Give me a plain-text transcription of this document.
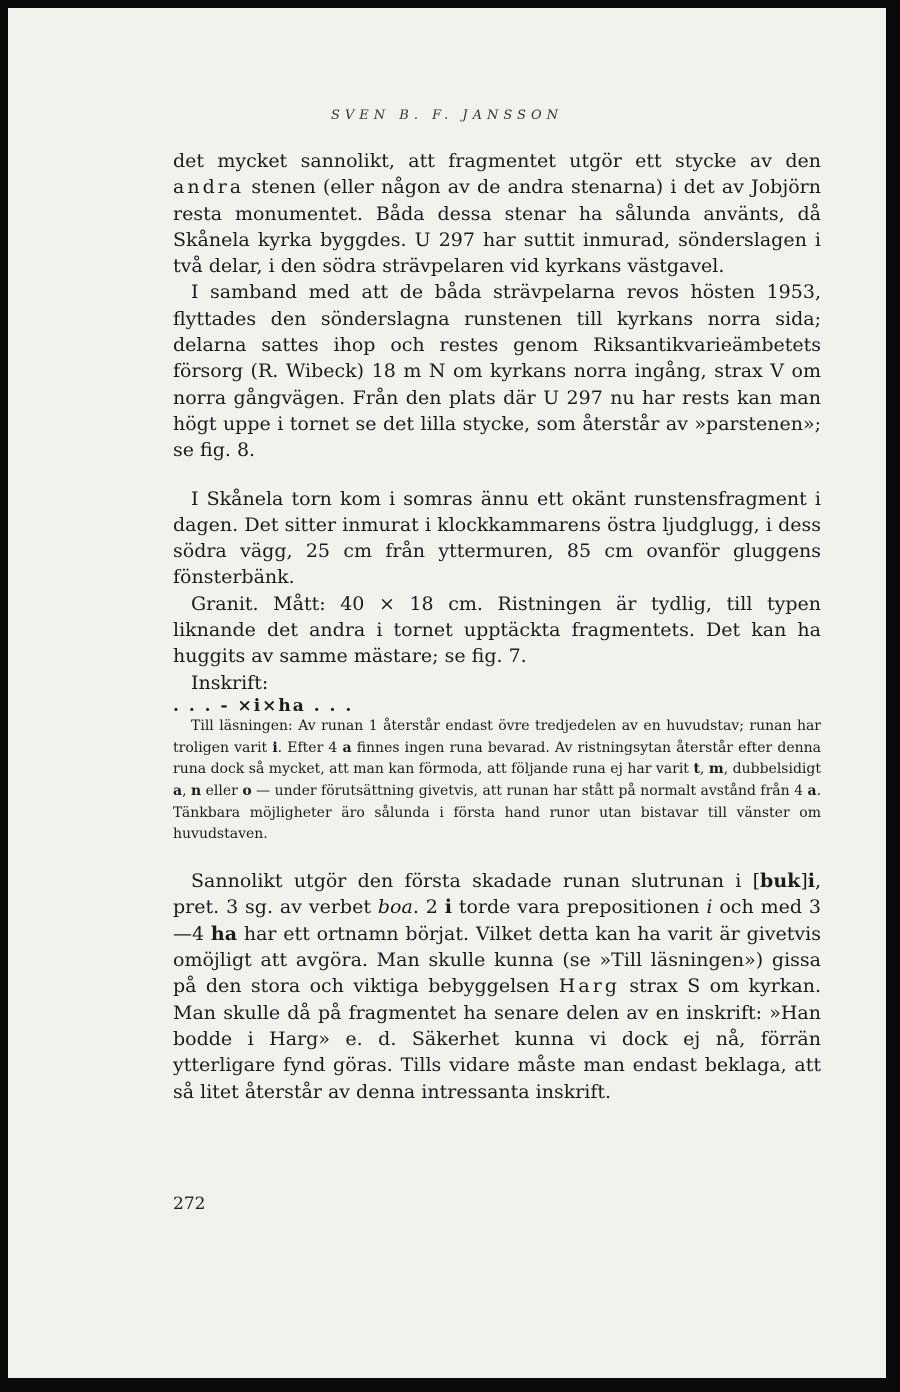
SVEN B. F. JANSSON

det mycket sannolikt, att fragmentet utgör ett stycke av den andra stenen (eller någon av de andra stenarna) i det av Jobjörn resta monumentet. Båda dessa stenar ha sålunda använts, då Skånela kyrka byggdes. U 297 har suttit inmurad, sönderslagen i två delar, i den södra strävpelaren vid kyrkans västgavel.

I samband med att de båda strävpelarna revos hösten 1953, flyttades den sönderslagna runstenen till kyrkans norra sida; delarna sattes ihop och restes genom Riksantikvarieämbetets försorg (R. Wibeck) 18 m N om kyrkans norra ingång, strax V om norra gångvägen. Från den plats där U 297 nu har rests kan man högt uppe i tornet se det lilla stycke, som återstår av »parstenen»; se fig. 8.

I Skånela torn kom i somras ännu ett okänt runstensfragment i dagen. Det sitter inmurat i klockkammarens östra ljudglugg, i dess södra vägg, 25 cm från yttermuren, 85 cm ovanför gluggens fönsterbänk.

Granit. Mått: 40 × 18 cm. Ristningen är tydlig, till typen liknande det andra i tornet upptäckta fragmentets. Det kan ha huggits av samme mästare; se fig. 7.

Inskrift:

. . . - ×i×ha . . .

Till läsningen: Av runan 1 återstår endast övre tredjedelen av en huvudstav; runan har troligen varit i. Efter 4 a finnes ingen runa bevarad. Av ristningsytan återstår efter denna runa dock så mycket, att man kan förmoda, att följande runa ej har varit t, m, dubbelsidigt a, n eller o — under förutsättning givetvis, att runan har stått på normalt avstånd från 4 a. Tänkbara möjligheter äro sålunda i första hand runor utan bistavar till vänster om huvudstaven.

Sannolikt utgör den första skadade runan slutrunan i [buk]i, pret. 3 sg. av verbet boa. 2 i torde vara prepositionen i och med 3—4 ha har ett ortnamn börjat. Vilket detta kan ha varit är givetvis omöjligt att avgöra. Man skulle kunna (se »Till läsningen») gissa på den stora och viktiga bebyggelsen Harg strax S om kyrkan. Man skulle då på fragmentet ha senare delen av en inskrift: »Han bodde i Harg» e. d. Säkerhet kunna vi dock ej nå, förrän ytterligare fynd göras. Tills vidare måste man endast beklaga, att så litet återstår av denna intressanta inskrift.

272
